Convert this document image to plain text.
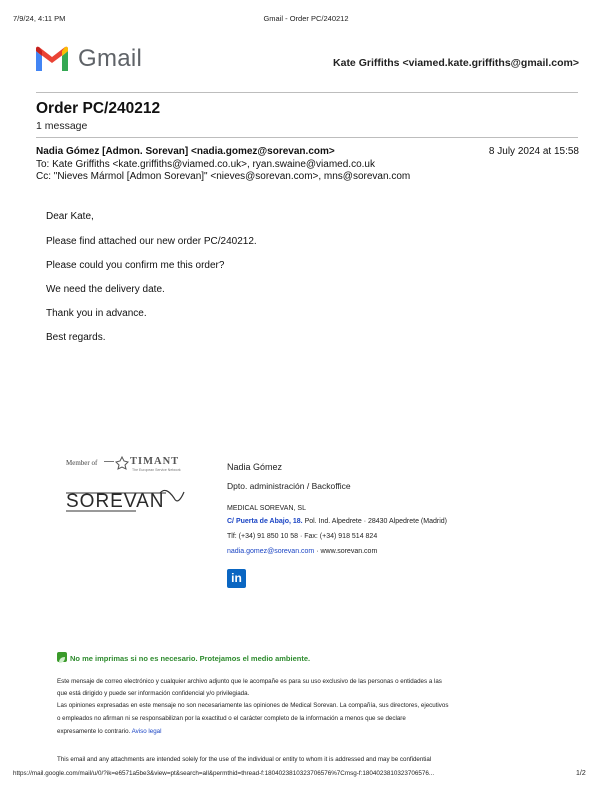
7/9/24, 4:11 PM	Gmail - Order PC/240212
Gmail	Kate Griffiths <viamed.kate.griffiths@gmail.com>
Order PC/240212
1 message
Nadia Gómez [Admon. Sorevan] <nadia.gomez@sorevan.com>	8 July 2024 at 15:58
To: Kate Griffiths <kate.griffiths@viamed.co.uk>, ryan.swaine@viamed.co.uk
Cc: "Nieves Mármol [Admon Sorevan]" <nieves@sorevan.com>, mns@sorevan.com
Dear Kate,
Please find attached our new order PC/240212.
Please could you confirm me this order?
We need the delivery date.
Thank you in advance.
Best regards.
Member of	TIMANT
The European Service Network
SOREVAN
Nadia Gómez
Dpto. administración / Backoffice
MEDICAL SOREVAN, SL
C/ Puerta de Abajo, 18. Pol. Ind. Alpedrete · 28430 Alpedrete (Madrid)
Tlf: (+34) 91 850 10 58 · Fax: (+34) 918 514 824
nadia.gomez@sorevan.com · www.sorevan.com
in
No me imprimas si no es necesario. Protejamos el medio ambiente.
Este mensaje de correo electrónico y cualquier archivo adjunto que le acompañe es para su uso exclusivo de las personas o entidades a las
que está dirigido y puede ser información confidencial y/o privilegiada.
Las opiniones expresadas en este mensaje no son necesariamente las opiniones de Medical Sorevan. La compañía, sus directores, ejecutivos
o empleados no afirman ni se responsabilizan por la exactitud o el carácter completo de la información a menos que se declare
expresamente lo contrario. Aviso legal
This email and any attachments are intended solely for the use of the individual or entity to whom it is addressed and may be confidential
https://mail.google.com/mail/u/0/?ik=e6571a5be3&view=pt&search=all&permthid=thread-f:1804023810323706576%7Cmsg-f:1804023810323706576...	1/2
